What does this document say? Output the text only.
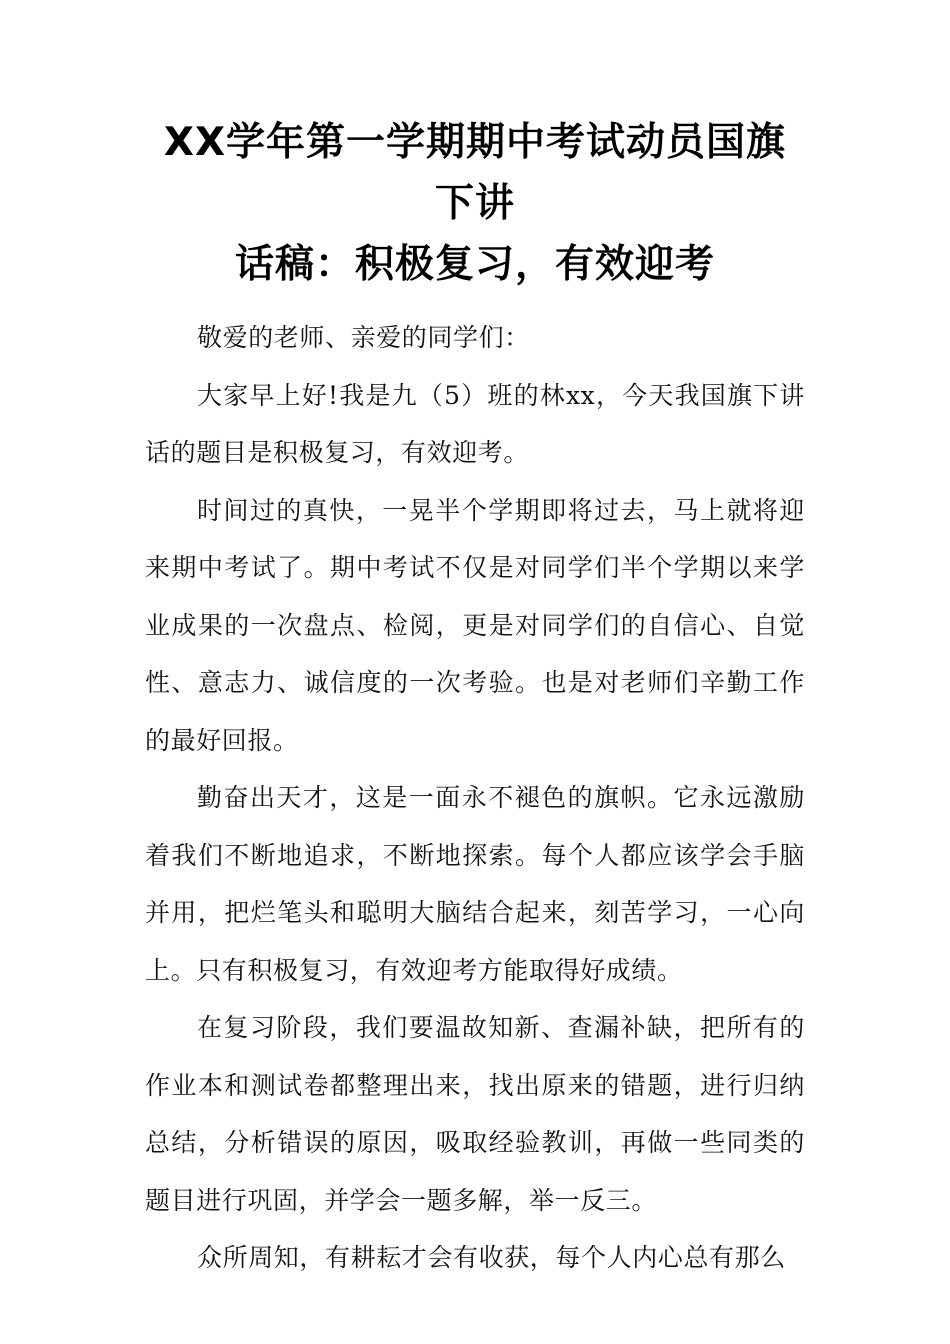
XX学年第一学期期中考试动员国旗下讲
话稿：积极复习，有效迎考

敬爱的老师、亲爱的同学们：

大家早上好!我是九（5）班的林xx，今天我国旗下讲话的题目是积极复习，有效迎考。

时间过的真快，一晃半个学期即将过去，马上就将迎来期中考试了。期中考试不仅是对同学们半个学期以来学业成果的一次盘点、检阅，更是对同学们的自信心、自觉性、意志力、诚信度的一次考验。也是对老师们辛勤工作的最好回报。

勤奋出天才，这是一面永不褪色的旗帜。它永远激励着我们不断地追求，不断地探索。每个人都应该学会手脑并用，把烂笔头和聪明大脑结合起来，刻苦学习，一心向上。只有积极复习，有效迎考方能取得好成绩。

在复习阶段，我们要温故知新、查漏补缺，把所有的作业本和测试卷都整理出来，找出原来的错题，进行归纳总结，分析错误的原因，吸取经验教训，再做一些同类的题目进行巩固，并学会一题多解，举一反三。

众所周知，有耕耘才会有收获，每个人内心总有那么
